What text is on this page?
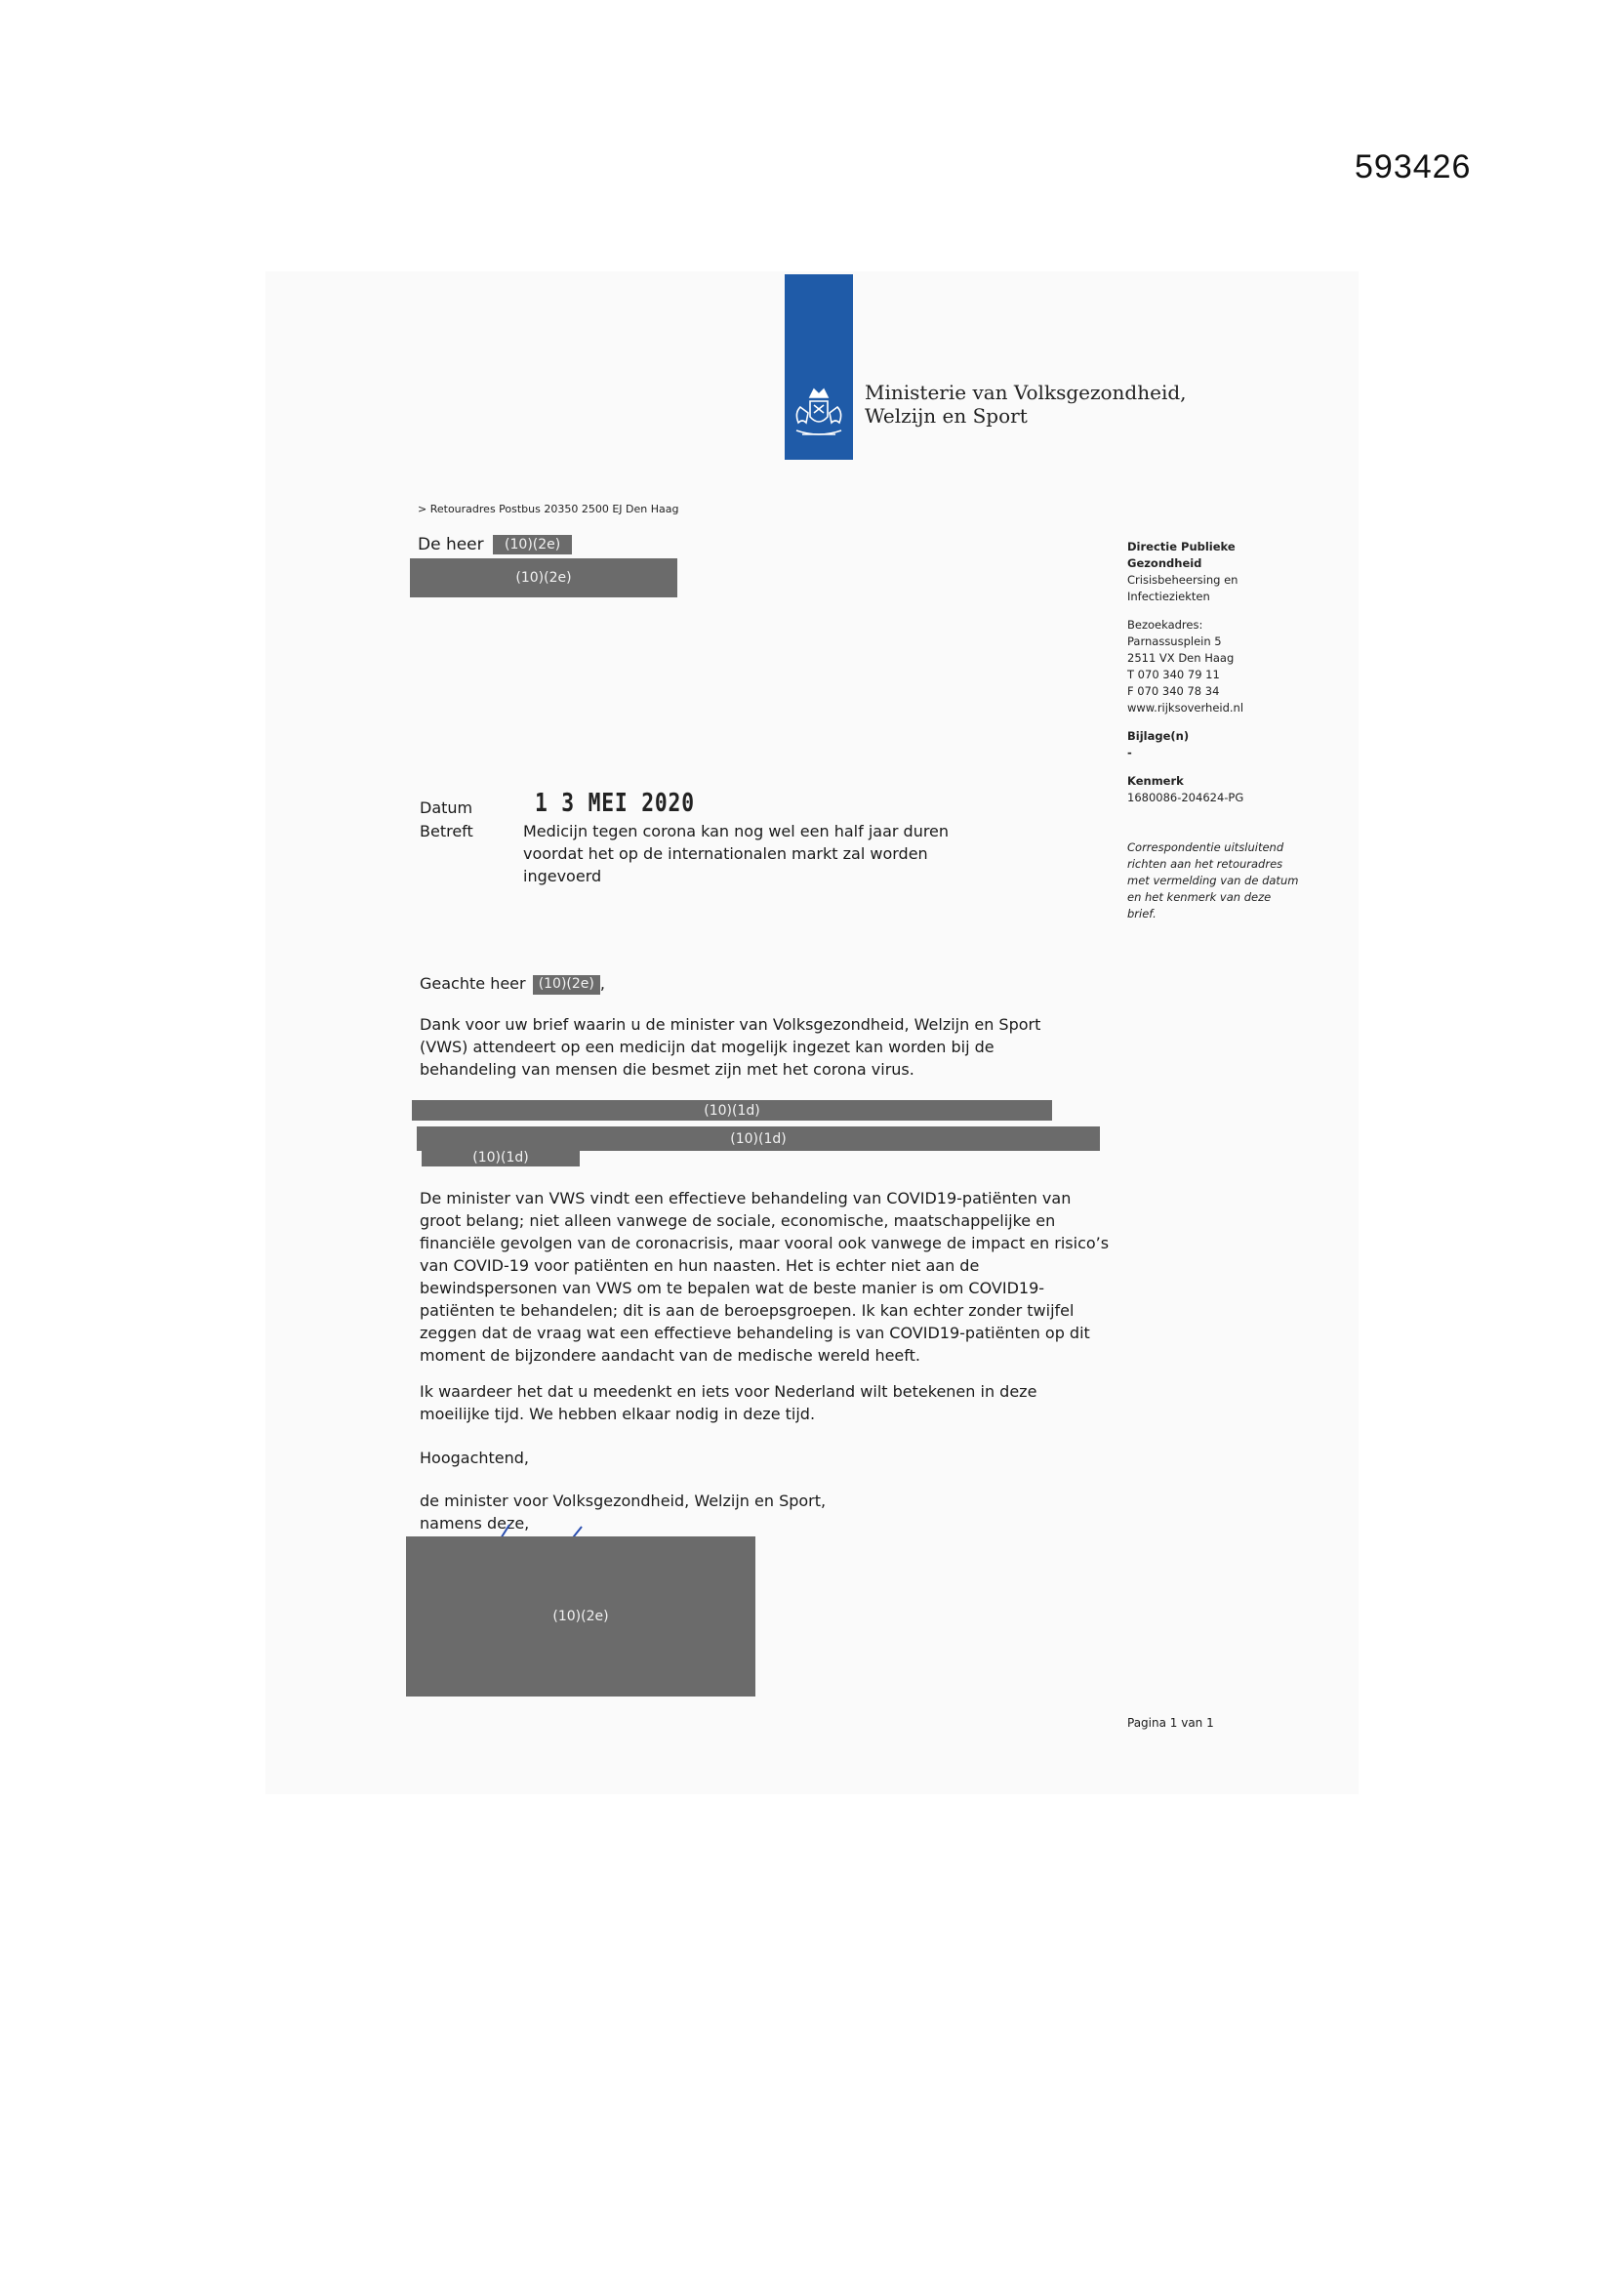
593426
Ministerie van Volksgezondheid,
Welzijn en Sport
> Retouradres Postbus 20350 2500 EJ Den Haag
De heer (10)(2e)
(10)(2e)
Directie Publieke
Gezondheid
Crisisbeheersing en
Infectieziekten
Bezoekadres:
Parnassusplein 5
2511 VX Den Haag
T 070 340 79 11
F 070 340 78 34
www.rijksoverheid.nl
Bijlage(n)
-
Kenmerk
1680086-204624-PG
Correspondentie uitsluitend
richten aan het retouradres
met vermelding van de datum
en het kenmerk van deze
brief.
Datum 1 3 MEI 2020
Betreft	Medicijn tegen corona kan nog wel een half jaar duren voordat het op de internationalen markt zal worden ingevoerd
Geachte heer (10)(2e) ,
Dank voor uw brief waarin u de minister van Volksgezondheid, Welzijn en Sport (VWS) attendeert op een medicijn dat mogelijk ingezet kan worden bij de behandeling van mensen die besmet zijn met het corona virus.
(10)(1d)
(10)(1d)
(10)(1d)
De minister van VWS vindt een effectieve behandeling van COVID19-patiënten van groot belang; niet alleen vanwege de sociale, economische, maatschappelijke en financiële gevolgen van de coronacrisis, maar vooral ook vanwege de impact en risico’s van COVID-19 voor patiënten en hun naasten. Het is echter niet aan de bewindspersonen van VWS om te bepalen wat de beste manier is om COVID19-patiënten te behandelen; dit is aan de beroepsgroepen. Ik kan echter zonder twijfel zeggen dat de vraag wat een effectieve behandeling is van COVID19-patiënten op dit moment de bijzondere aandacht van de medische wereld heeft.
Ik waardeer het dat u meedenkt en iets voor Nederland wilt betekenen in deze moeilijke tijd. We hebben elkaar nodig in deze tijd.
Hoogachtend,
de minister voor Volksgezondheid, Welzijn en Sport,
namens deze,
(10)(2e)
Pagina 1 van 1
